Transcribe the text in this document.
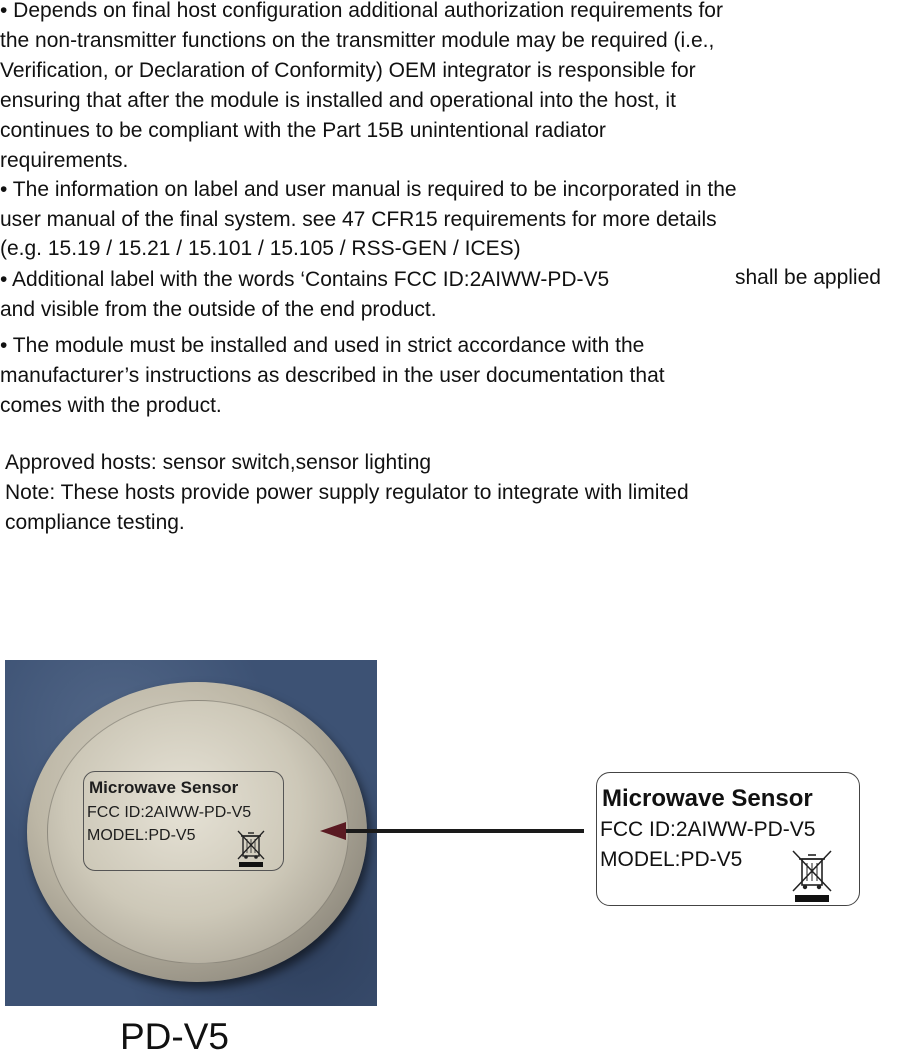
• Depends on final host configuration additional authorization requirements for
the non-transmitter functions on the transmitter module may be required (i.e.,
Verification, or Declaration of Conformity) OEM integrator is responsible for
ensuring that after the module is installed and operational into the host, it
continues to be compliant with the Part 15B unintentional radiator
requirements.
• The information on label and user manual is required to be incorporated in the
user manual of the final system. see 47 CFR15 requirements for more details
(e.g. 15.19 / 15.21 / 15.101 / 15.105 / RSS-GEN / ICES)
• Additional label with the words ‘Contains FCC ID:2AIWW-PD-V5	shall be applied
and visible from the outside of the end product.
• The module must be installed and used in strict accordance with the
manufacturer’s instructions as described in the user documentation that
comes with the product.
Approved hosts: sensor switch,sensor lighting
Note: These hosts provide power supply regulator to integrate with limited
compliance testing.
Microwave Sensor
FCC ID:2AIWW-PD-V5
MODEL:PD-V5
Microwave Sensor
FCC ID:2AIWW-PD-V5
MODEL:PD-V5
PD-V5
